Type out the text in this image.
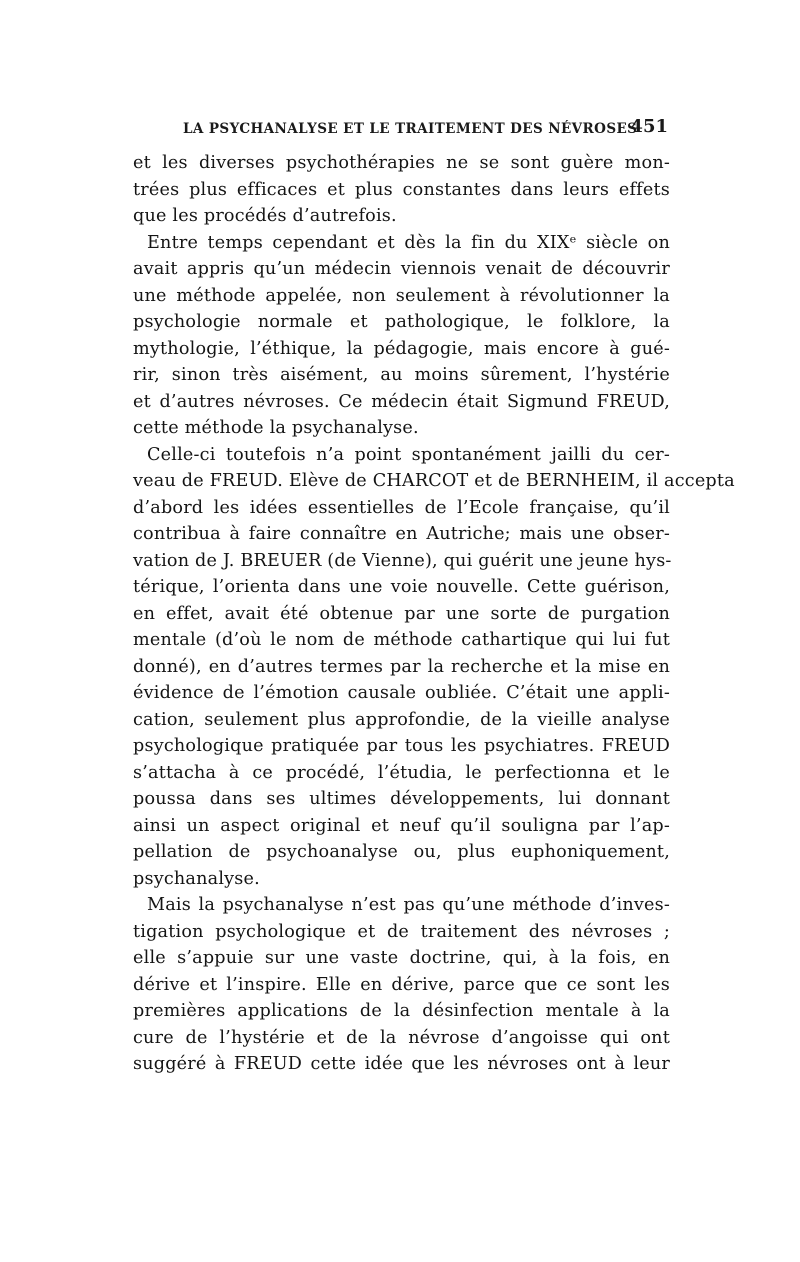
LA PSYCHANALYSE ET LE TRAITEMENT DES NÉVROSES
451
et les diverses psychothérapies ne se sont guère mon-
trées plus efficaces et plus constantes dans leurs effets
que les procédés d’autrefois.
Entre temps cependant et dès la fin du XIXᵉ siècle on
avait appris qu’un médecin viennois venait de découvrir
une méthode appelée, non seulement à révolutionner la
psychologie normale et pathologique, le folklore, la
mythologie, l’éthique, la pédagogie, mais encore à gué-
rir, sinon très aisément, au moins sûrement, l’hystérie
et d’autres névroses. Ce médecin était Sigmund FREUD,
cette méthode la psychanalyse.
Celle-ci toutefois n’a point spontanément jailli du cer-
veau de FREUD. Elève de CHARCOT et de BERNHEIM, il accepta
d’abord les idées essentielles de l’Ecole française, qu’il
contribua à faire connaître en Autriche; mais une obser-
vation de J. BREUER (de Vienne), qui guérit une jeune hys-
térique, l’orienta dans une voie nouvelle. Cette guérison,
en effet, avait été obtenue par une sorte de purgation
mentale (d’où le nom de méthode cathartique qui lui fut
donné), en d’autres termes par la recherche et la mise en
évidence de l’émotion causale oubliée. C’était une appli-
cation, seulement plus approfondie, de la vieille analyse
psychologique pratiquée par tous les psychiatres. FREUD
s’attacha à ce procédé, l’étudia, le perfectionna et le
poussa dans ses ultimes développements, lui donnant
ainsi un aspect original et neuf qu’il souligna par l’ap-
pellation de psychoanalyse ou, plus euphoniquement,
psychanalyse.
Mais la psychanalyse n’est pas qu’une méthode d’inves-
tigation psychologique et de traitement des névroses ;
elle s’appuie sur une vaste doctrine, qui, à la fois, en
dérive et l’inspire. Elle en dérive, parce que ce sont les
premières applications de la désinfection mentale à la
cure de l’hystérie et de la névrose d’angoisse qui ont
suggéré à FREUD cette idée que les névroses ont à leur
